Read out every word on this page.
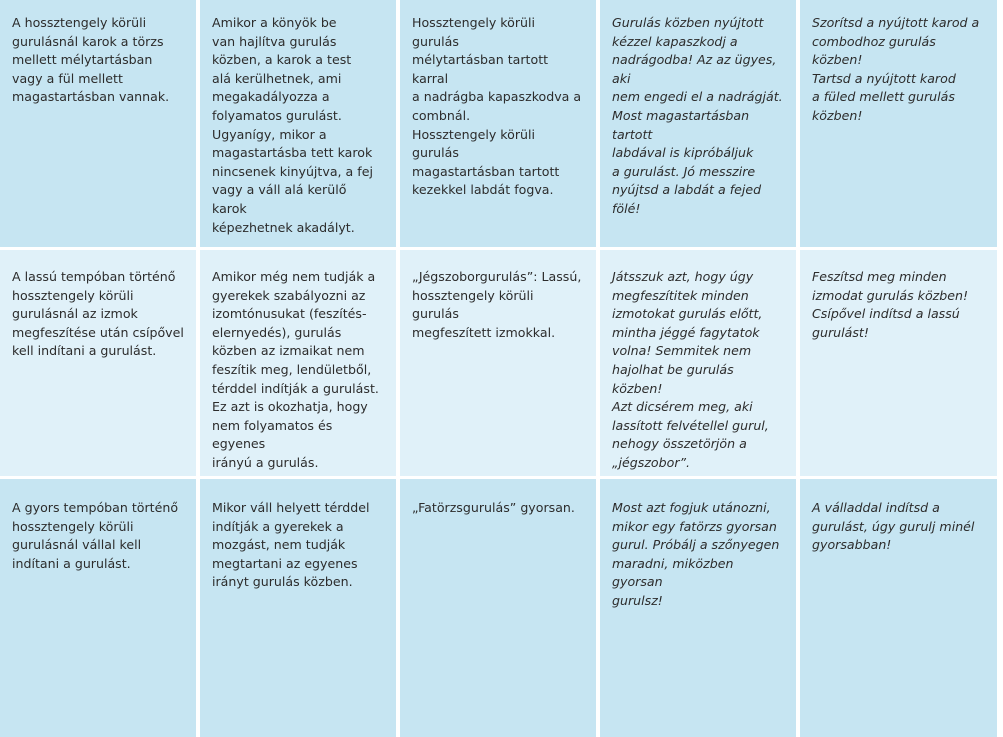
A hossztengely körüli
gurulásnál karok a törzs
mellett mélytartásban
vagy a fül mellett
magastartásban vannak.
Amikor a könyök be
van hajlítva gurulás
közben, a karok a test
alá kerülhetnek, ami
megakadályozza a
folyamatos gurulást.
Ugyanígy, mikor a
magastartásba tett karok
nincsenek kinyújtva, a fej
vagy a váll alá kerülő karok
képezhetnek akadályt.
Hossztengely körüli gurulás
mélytartásban tartott karral
a nadrágba kapaszkodva a
combnál.
Hossztengely körüli gurulás
magastartásban tartott
kezekkel labdát fogva.
Gurulás közben nyújtott
kézzel kapaszkodj a
nadrágodba! Az az ügyes, aki
nem engedi el a nadrágját.
Most magastartásban tartott
labdával is kipróbáljuk
a gurulást. Jó messzire
nyújtsd a labdát a fejed fölé!
Szorítsd a nyújtott karod a
combodhoz gurulás közben!
Tartsd a nyújtott karod
a füled mellett gurulás
közben!
A lassú tempóban történő
hossztengely körüli
gurulásnál az izmok
megfeszítése után csípővel
kell indítani a gurulást.
Amikor még nem tudják a
gyerekek szabályozni az
izomtónusukat (feszítés-
elernyedés), gurulás
közben az izmaikat nem
feszítik meg, lendületből,
térddel indítják a gurulást.
Ez azt is okozhatja, hogy
nem folyamatos és egyenes
irányú a gurulás.
„Jégszoborgurulás”: Lassú,
hossztengely körüli gurulás
megfeszített izmokkal.
Játsszuk azt, hogy úgy
megfeszítitek minden
izmotokat gurulás előtt,
mintha jéggé fagytatok
volna! Semmitek nem
hajolhat be gurulás közben!
Azt dicsérem meg, aki
lassított felvétellel gurul,
nehogy összetörjön a
„jégszobor”.
Feszítsd meg minden
izmodat gurulás közben!
Csípővel indítsd a lassú
gurulást!
A gyors tempóban történő
hossztengely körüli
gurulásnál vállal kell
indítani a gurulást.
Mikor váll helyett térddel
indítják a gyerekek a
mozgást, nem tudják
megtartani az egyenes
irányt gurulás közben.
„Fatörzsgurulás” gyorsan.	Most azt fogjuk utánozni,
mikor egy fatörzs gyorsan
gurul. Próbálj a szőnyegen
maradni, miközben gyorsan
gurulsz!
A válladdal indítsd a
gurulást, úgy gurulj minél
gyorsabban!
